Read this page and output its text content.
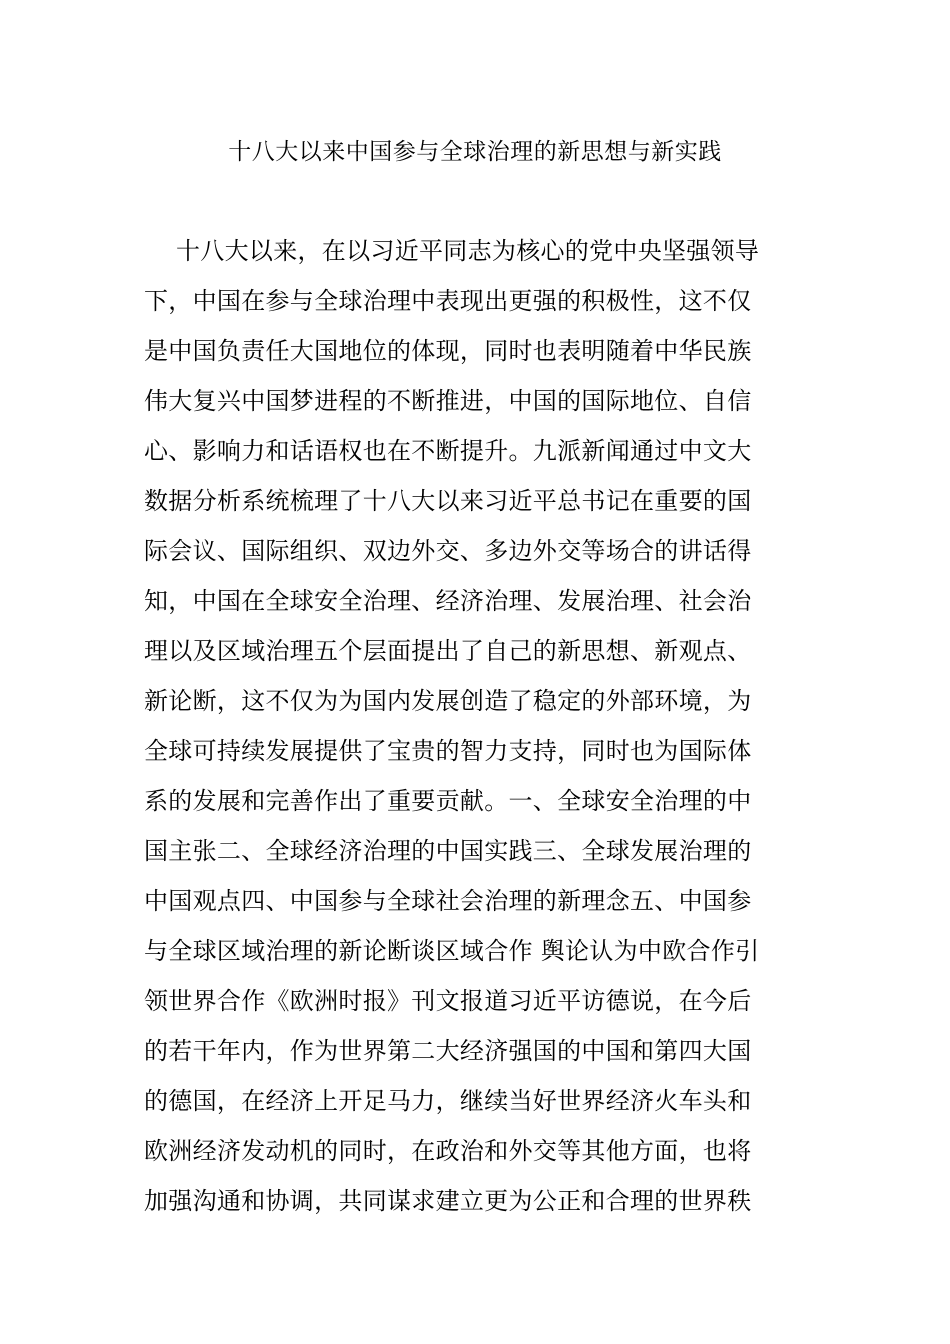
十八大以来中国参与全球治理的新思想与新实践
十八大以来，在以习近平同志为核心的党中央坚强领导
下，中国在参与全球治理中表现出更强的积极性，这不仅
是中国负责任大国地位的体现，同时也表明随着中华民族
伟大复兴中国梦进程的不断推进，中国的国际地位、自信
心、影响力和话语权也在不断提升。九派新闻通过中文大
数据分析系统梳理了十八大以来习近平总书记在重要的国
际会议、国际组织、双边外交、多边外交等场合的讲话得
知，中国在全球安全治理、经济治理、发展治理、社会治
理以及区域治理五个层面提出了自己的新思想、新观点、
新论断，这不仅为为国内发展创造了稳定的外部环境，为
全球可持续发展提供了宝贵的智力支持，同时也为国际体
系的发展和完善作出了重要贡献。一、全球安全治理的中
国主张二、全球经济治理的中国实践三、全球发展治理的
中国观点四、中国参与全球社会治理的新理念五、中国参
与全球区域治理的新论断谈区域合作 舆论认为中欧合作引
领世界合作《欧洲时报》刊文报道习近平访德说，在今后
的若干年内，作为世界第二大经济强国的中国和第四大国
的德国，在经济上开足马力，继续当好世界经济火车头和
欧洲经济发动机的同时，在政治和外交等其他方面，也将
加强沟通和协调，共同谋求建立更为公正和合理的世界秩
